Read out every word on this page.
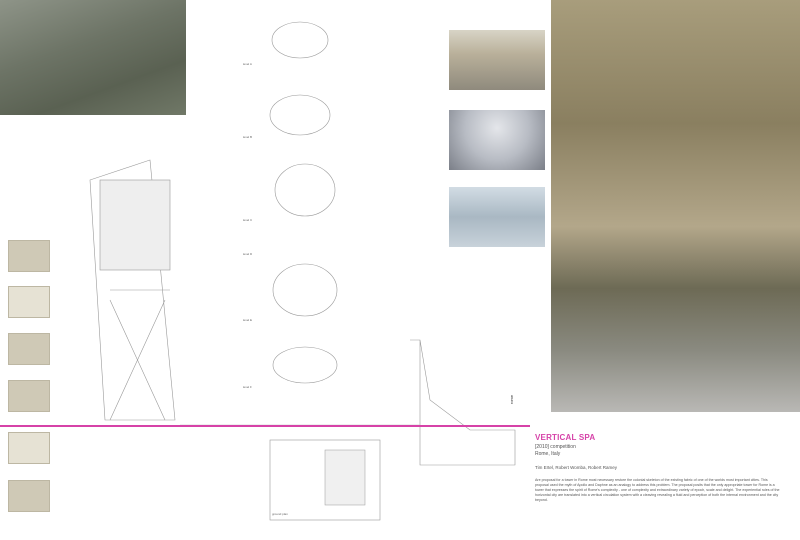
level A
level B
level C
level D
level E
level F
ground plan
rome
VERTICAL SPA
[2010] competition
Rome, Italy
Tim Ertel, Robert Womba, Robert Ramey
Are proposal for a tower in Rome most necessary restore the colonial skeleton of the existing fabric of one of the worlds most important cities. This proposal used the myth of Apollo and Daphne as an analogy to address this problem. The proposal posits that the only appropriate tower for Rome is a tower that expresses the spirit of Rome's complexity - one of complexity and extraordinary variety of epoch, scale and delight. The experiential rules of the horizontal city are translated into a vertical circulation system with a cleaving revealing a fluid and perception of both the internal environment and the city beyond.
